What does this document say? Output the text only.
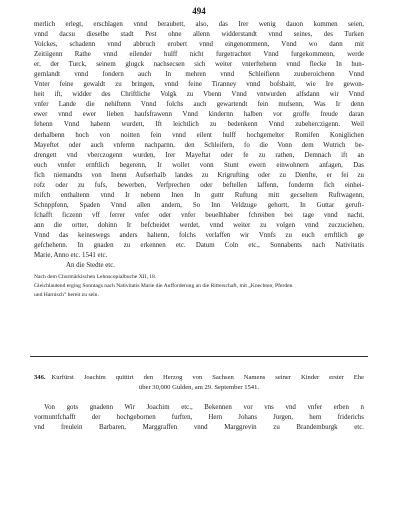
494
merlich erlegt, erschlagen vnnd beraubett, also, das Irer wenig dauon kommen seien,
vnnd dacsu dieselbe stadt Pest ohne allenn widderstandt vnnd seines, des Turken
Volckes, schadenn vnnd abbruch erobert vnnd eingenommenn, Vnnd wo dann mit
Zeitiigenn Rathe vnnd eilender hulff nicht furgetrachtet Vnnd furgekommenn, werde
er, der Turck, seinem glugck nachsecsen sich weiter vnterftehenn vnnd flecke In hun-
gernlandt vnnd fondern auch In mehren vnnd Schleifienn zuuberoichenn Vnnd
Vnter feine gewaldt zu bringen, vnnd feine Tiranney vnnd bofsbaitt, wie Ire gewon-
heit ift, widder des Chriftliche Volgk zu Vbenn Vnnd vntwurden alfsdann wir Vnnd
vnfer Lande die nehiftenn Vnnd folchs auch gewartendt fein mufsenn, Was Ir denn
ewer vnnd ewer lieben haufsfrawenn Vnnd kindernn halben vor groffe freude daran
fehenn Vnnd habenn wurdett, Ift leichtlich zu bedenkenn Vnnd zubeherczigenn. Weil
derhalbenn hoch von noitten fein vnnd eilent hulff hochgemelter Romifen Koniglichen
Mayeftet oder auch vnfernn nachparnn, den Schleifern, fo die Vonn dem Wutrich be-
drengett vnd vberczogenn wurden, Irer Mayeftat oder fe zu rathen, Demnach ift an
euch vnnfer ernftlich begerenn, Ir wollet vonn Stunt ewern einwohnern anfagen, Das
fich niemandts von Inenn Aufserhalb landes zu Krigrufting oder zu Dienfte, er fei zu
rofz oder zu fufs, bewerben, Verfprechen oder beftellen laffenn, fondernn fich einhei-
mifch enthaltenn vnnd Ir nebenn Inen In guttr Ruftung mitt gecseltem Ruftwagenn,
Schnppfenn, Spaden Vnnd allen andern, So Inn Veldzuge gehortt, In Guttar geruft-
fchafft ficzenn vff ferrer vnfer oder vnfer beuelhhaber fchreiben bei tage vnnd nacht,
ann die ortter, dohinn Ir befcheidet werdet, vnnd weiter zu volgen vnnd zuczuciehen,
Vnnd das keineswegs anders haltenn, folchs verlaffen wir Vnnfs zu euch ernftlich ge
gefchehenn. In gnaden zu erkennen etc. Datum Coln etc., Sonnabents nach Nativitatis
Marie, Anno etc. 1541 etc.
An die Stedte etc.
Nach dem Churmärkischen Lehnscopialbuche XII, 18.
Gleichlautend erging Sonntags nach Nativitatis Marie die Aufforderung an die Ritterschaft, mit „Knechten, Pferden
und Harnisch" bereit zu sein.
346. Kurfürst Joachim quittirt den Herzog von Sachsen Namens seiner Kinder erster Ehe
über 30,000 Gulden, am 29. September 1541.
Von gots gnadenn Wir Joachim etc., Bekennen vor vns vnd vnfer erben n
vormuntfchafft der hochgebornen furften, Hern Johans Jurgen, hern friderichs
vnd freulein Barbaren, Marggraffen vnnd Marggrevin zu Brandemburgk etc.
